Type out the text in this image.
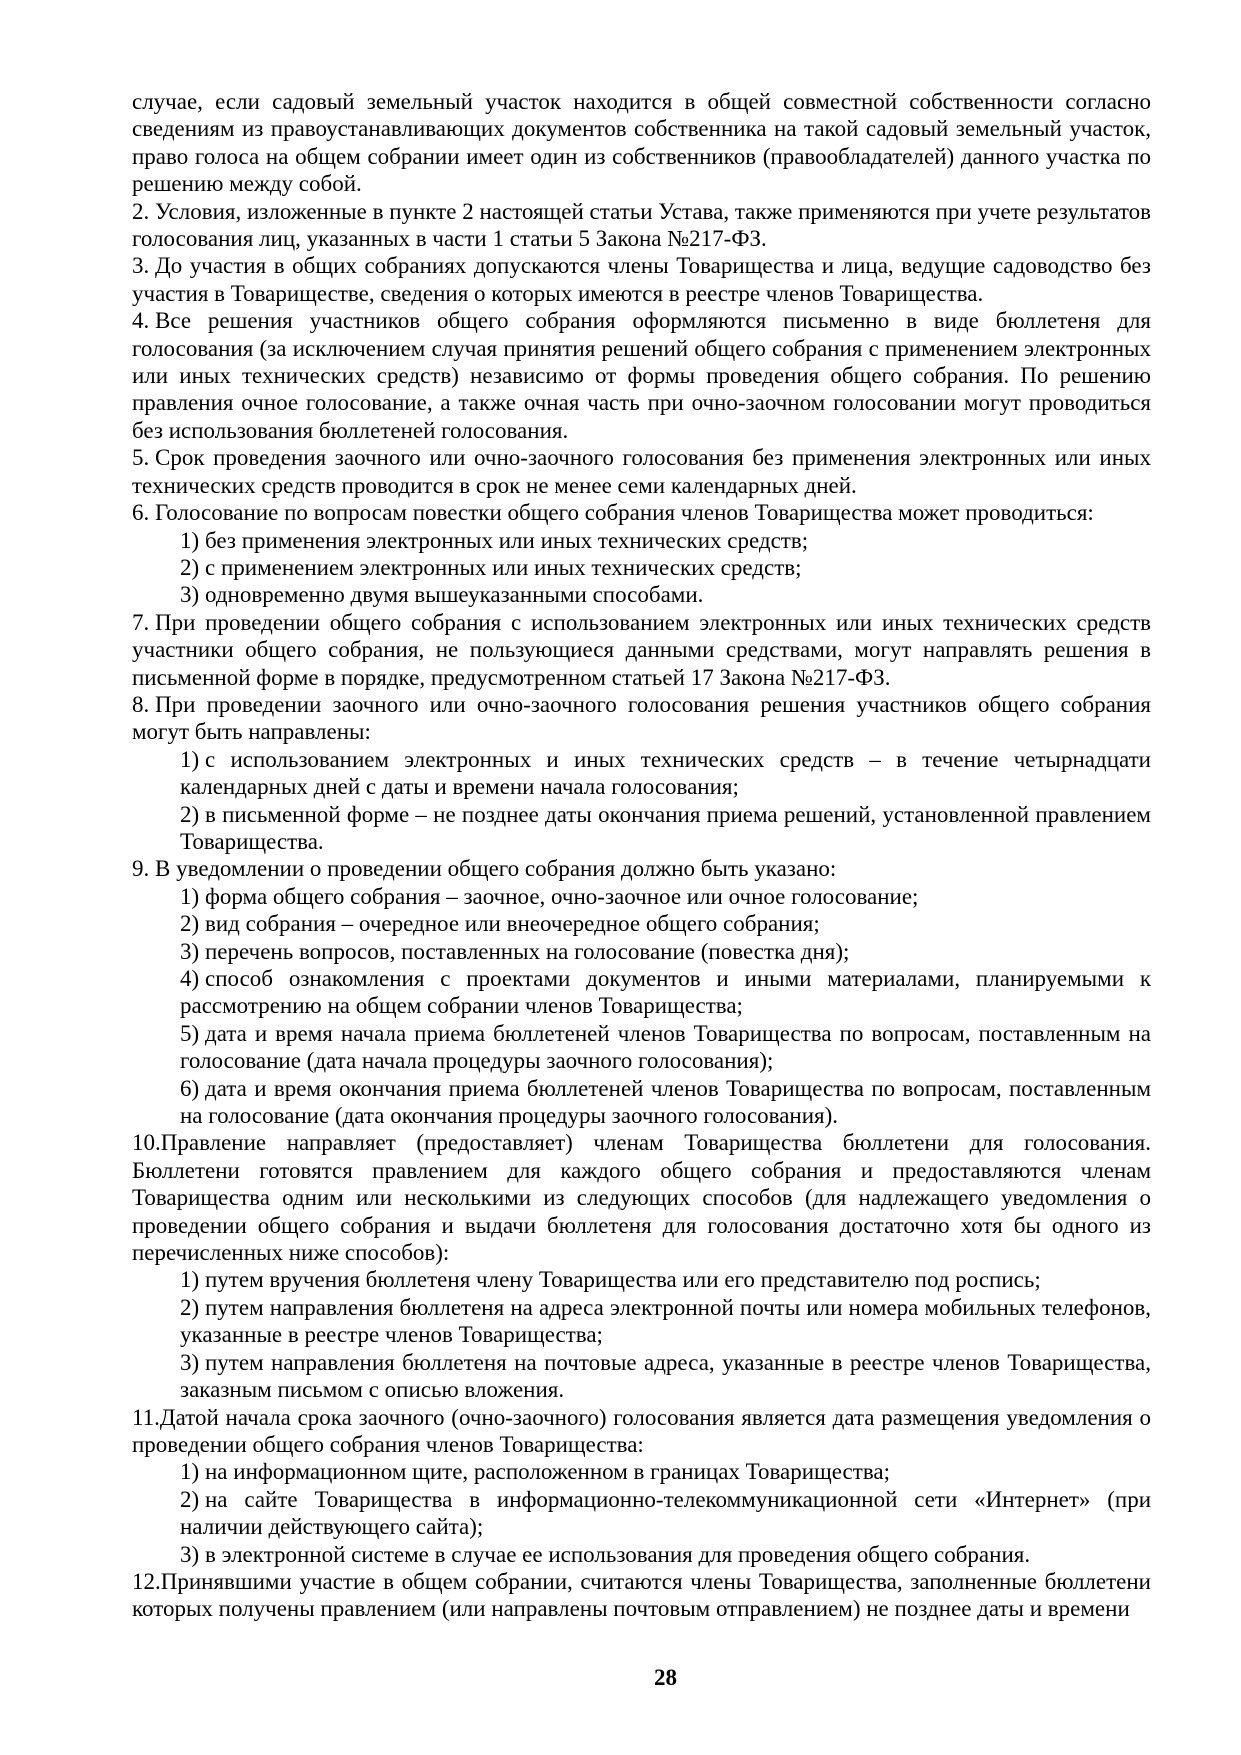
случае, если садовый земельный участок находится в общей совместной собственности согласно сведениям из правоустанавливающих документов собственника на такой садовый земельный участок, право голоса на общем собрании имеет один из собственников (правообладателей) данного участка по решению между собой.

2. Условия, изложенные в пункте 2 настоящей статьи Устава, также применяются при учете результатов голосования лиц, указанных в части 1 статьи 5 Закона №217-ФЗ.

3. До участия в общих собраниях допускаются члены Товарищества и лица, ведущие садоводство без участия в Товариществе, сведения о которых имеются в реестре членов Товарищества.

4. Все решения участников общего собрания оформляются письменно в виде бюллетеня для голосования (за исключением случая принятия решений общего собрания с применением электронных или иных технических средств) независимо от формы проведения общего собрания. По решению правления очное голосование, а также очная часть при очно-заочном голосовании могут проводиться без использования бюллетеней голосования.

5. Срок проведения заочного или очно-заочного голосования без применения электронных или иных технических средств проводится в срок не менее семи календарных дней.

6. Голосование по вопросам повестки общего собрания членов Товарищества может проводиться:

1) без применения электронных или иных технических средств;

2) с применением электронных или иных технических средств;

3) одновременно двумя вышеуказанными способами.

7. При проведении общего собрания с использованием электронных или иных технических средств участники общего собрания, не пользующиеся данными средствами, могут направлять решения в письменной форме в порядке, предусмотренном статьей 17 Закона №217-ФЗ.

8. При проведении заочного или очно-заочного голосования решения участников общего собрания могут быть направлены:

1) с использованием электронных и иных технических средств – в течение четырнадцати календарных дней с даты и времени начала голосования;

2) в письменной форме – не позднее даты окончания приема решений, установленной правлением Товарищества.

9. В уведомлении о проведении общего собрания должно быть указано:

1) форма общего собрания – заочное, очно-заочное или очное голосование;

2) вид собрания – очередное или внеочередное общего собрания;

3) перечень вопросов, поставленных на голосование (повестка дня);

4) способ ознакомления с проектами документов и иными материалами, планируемыми к рассмотрению на общем собрании членов Товарищества;

5) дата и время начала приема бюллетеней членов Товарищества по вопросам, поставленным на голосование (дата начала процедуры заочного голосования);

6) дата и время окончания приема бюллетеней членов Товарищества по вопросам, поставленным на голосование (дата окончания процедуры заочного голосования).

10.Правление направляет (предоставляет) членам Товарищества бюллетени для голосования. Бюллетени готовятся правлением для каждого общего собрания и предоставляются членам Товарищества одним или несколькими из следующих способов (для надлежащего уведомления о проведении общего собрания и выдачи бюллетеня для голосования достаточно хотя бы одного из перечисленных ниже способов):

1) путем вручения бюллетеня члену Товарищества или его представителю под роспись;

2) путем направления бюллетеня на адреса электронной почты или номера мобильных телефонов, указанные в реестре членов Товарищества;

3) путем направления бюллетеня на почтовые адреса, указанные в реестре членов Товарищества, заказным письмом с описью вложения.

11.Датой начала срока заочного (очно-заочного) голосования является дата размещения уведомления о проведении общего собрания членов Товарищества:

1) на информационном щите, расположенном в границах Товарищества;

2) на сайте Товарищества в информационно-телекоммуникационной сети «Интернет» (при наличии действующего сайта);

3) в электронной системе в случае ее использования для проведения общего собрания.

12.Принявшими участие в общем собрании, считаются члены Товарищества, заполненные бюллетени которых получены правлением (или направлены почтовым отправлением) не позднее даты и времени

28
